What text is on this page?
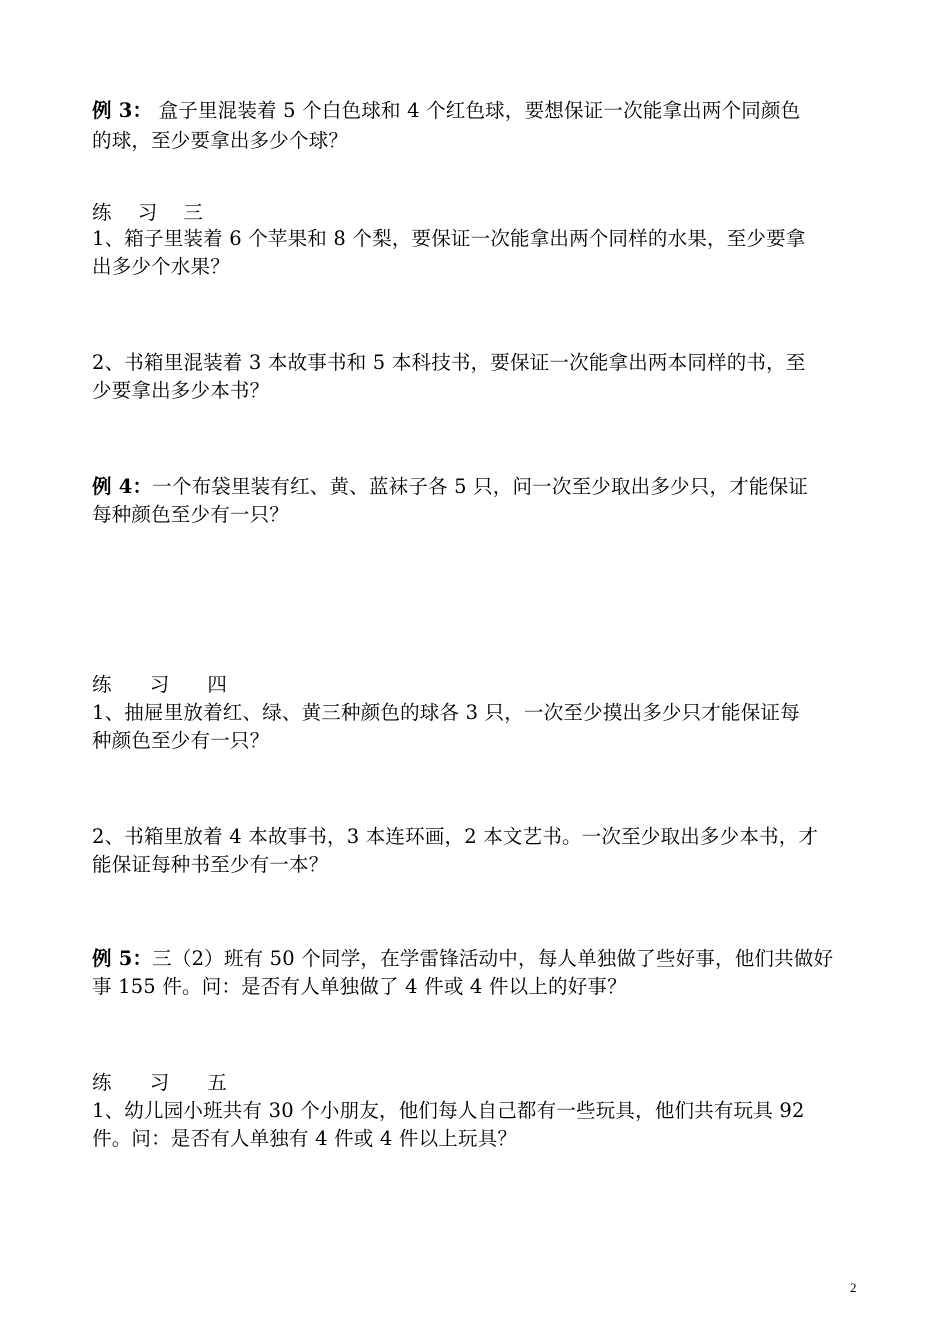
例 3： 盒子里混装着 5 个白色球和 4 个红色球，要想保证一次能拿出两个同颜色
的球，至少要拿出多少个球？
练 习 三
1、箱子里装着 6 个苹果和 8 个梨，要保证一次能拿出两个同样的水果，至少要拿
出多少个水果？
2、书箱里混装着 3 本故事书和 5 本科技书，要保证一次能拿出两本同样的书，至
少要拿出多少本书？
例 4：一个布袋里装有红、黄、蓝袜子各 5 只，问一次至少取出多少只，才能保证
每种颜色至少有一只？
练 习 四
1、抽屉里放着红、绿、黄三种颜色的球各 3 只，一次至少摸出多少只才能保证每
种颜色至少有一只？
2、书箱里放着 4 本故事书，3 本连环画，2 本文艺书。一次至少取出多少本书，才
能保证每种书至少有一本？
例 5：三（2）班有 50 个同学，在学雷锋活动中，每人单独做了些好事，他们共做好
事 155 件。问：是否有人单独做了 4 件或 4 件以上的好事？
练 习 五
1、幼儿园小班共有 30 个小朋友，他们每人自己都有一些玩具，他们共有玩具 92
件。问：是否有人单独有 4 件或 4 件以上玩具？
2
